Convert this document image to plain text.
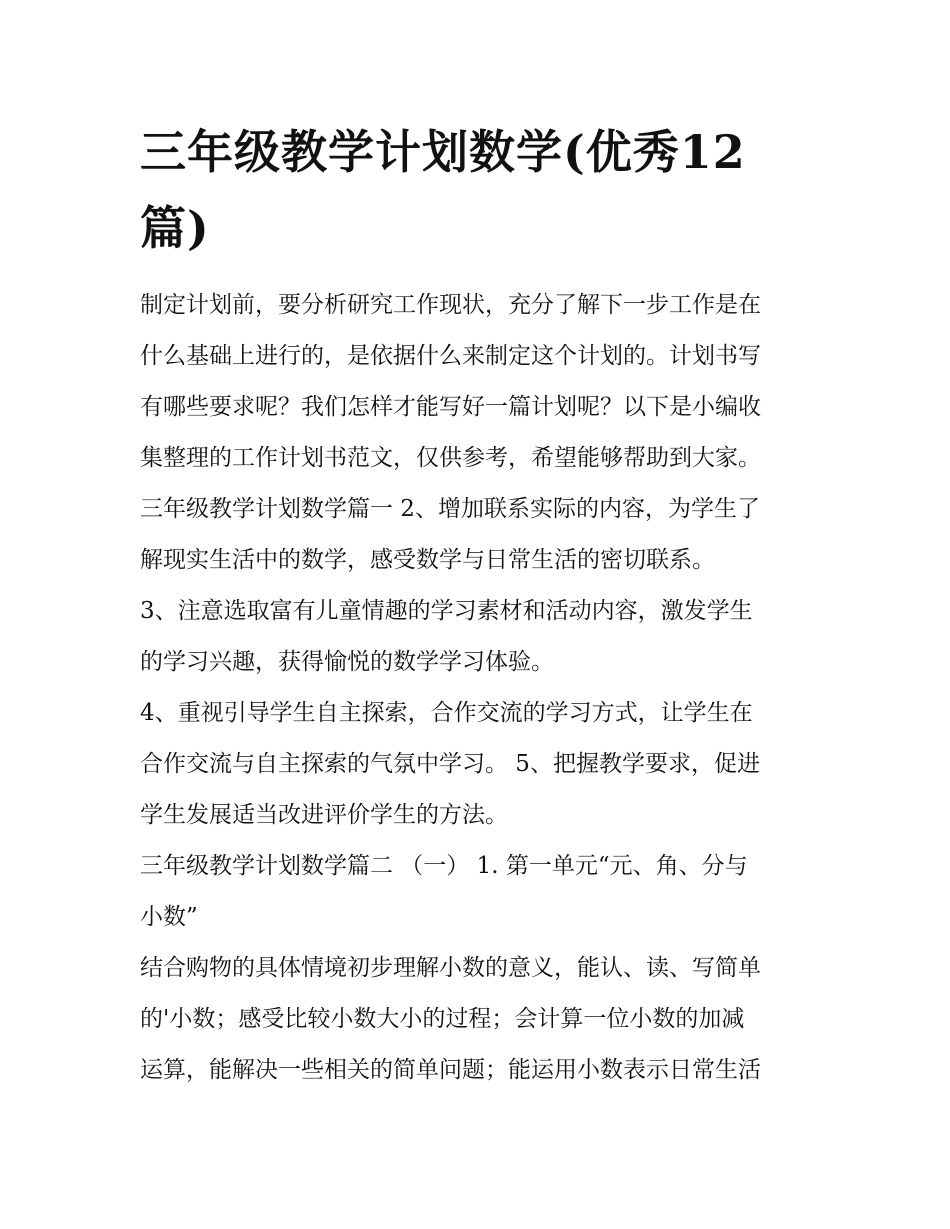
三年级教学计划数学(优秀12
篇)

制定计划前，要分析研究工作现状，充分了解下一步工作是在
什么基础上进行的，是依据什么来制定这个计划的。计划书写
有哪些要求呢？我们怎样才能写好一篇计划呢？以下是小编收
集整理的工作计划书范文，仅供参考，希望能够帮助到大家。

三年级教学计划数学篇一 2、增加联系实际的内容，为学生了
解现实生活中的数学，感受数学与日常生活的密切联系。

3、注意选取富有儿童情趣的学习素材和活动内容，激发学生
的学习兴趣，获得愉悦的数学学习体验。

4、重视引导学生自主探索，合作交流的学习方式，让学生在
合作交流与自主探索的气氛中学习。 5、把握教学要求，促进
学生发展适当改进评价学生的方法。

三年级教学计划数学篇二 （一） 1. 第一单元“元、角、分与
小数”

结合购物的具体情境初步理解小数的意义，能认、读、写简单
的'小数；感受比较小数大小的过程；会计算一位小数的加减
运算，能解决一些相关的简单问题；能运用小数表示日常生活
